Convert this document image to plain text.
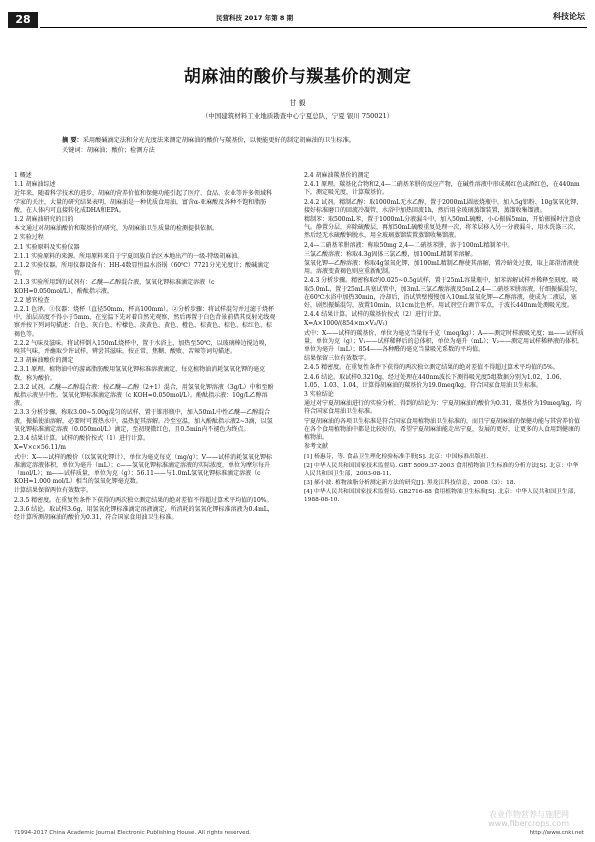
28	民营科技 2017 年第 8 期	科技论坛
胡麻油的酸价与羰基价的测定
甘 毅
（中国建筑材料工业地质勘查中心宁夏总队，宁夏 银川 750021）
摘 要：采用酸碱滴定法和分光光度法来测定胡麻油的酸价与羰基价，以便能更好的制定胡麻油的卫生标准。
关键词：胡麻油；酸价；检测方法

1 概述

1.1 胡麻油综述

近年来，随着科学技术的进步，胡麻的营养价值和保健功能引起了医疗、食品、农业等许多领域科学家的关注，大量的研究结果表明，胡麻油是一种优质食用油，富含α-亚麻酸及各种不饱和脂肪酸，在人体内可直接转化成DHA和EPA。

1.2 胡麻油研究的目的

本文通过对胡麻油酸价和羰基价的研究，为胡麻油卫生质量的检测提供依据。

2 实验过程

2.1 实验原料及实验仪器

2.1.1 实验原料的来源。所用原料来自于宁夏回族自治区本地出产的一级-特级胡麻油。

2.1.2 实验仪器。所用仪器设备有：HH-4数显恒温水浴锅（60℃）7721分光光度计；酸碱滴定管。

2.1.3 实验所用到的试剂有：乙醚—乙醇混合液，氢氧化钾标准滴定溶液（c KOH=0.050mol/L），酚酞指示液。

2.2 感官检查

2.2.1 色泽。①仪器：烧杯（直径50mm，杯高100mm）。②分析步骤：将试样混匀并过滤于烧杯中，油层高度不得小于5mm，在室温下先对着自然光观察，然后再置于白色背景前借其反射光线观察并按下列词句描述：白色、灰白色、柠檬色、淡黄色、黄色、橙色、棕黄色、棕色、棕红色、棕褐色等。

2.2.2 气味及滋味。将试样倒入150mL烧杯中，置于水浴上，加热至50℃，以玻璃棒边搅边嗅，嗅其气味，并蘸取少许试样，辨尝其滋味，按正常、焦糊、酸败、苦辣等词句描述。

2.3 胡麻油酸价的测定

2.3.1 原理。植物油中的游离脂肪酸用氢氧化钾标准溶液滴定，每克植物油消耗氢氧化钾的毫克数，称为酸价。

2.3.2 试剂。乙醚—乙醇混合液：按乙醚—乙醇（2+1）混合，用氢氧化钾溶液（3g/L）中和至酚酞指示液呈中性。氢氧化钾标准滴定溶液（c KOH=0.050mol/L）。酚酞指示液：10g/L乙醇溶液。

2.3.3 分析步骤。称取3.00~5.00g混匀的试样，置于锥形瓶中，加入50mL中性乙醚—乙醇混合液，振摇使油溶解，必要时可置热水中，温热促其溶解。冷至室温，加入酚酞指示液2~3滴，以氢氧化钾标准滴定溶液（0.050mol/L）滴定，至初现微红色，且0.5min内不褪色为终点。

2.3.4 结果计算。试样的酸价按式（1）进行计算。

X=V×c×56.11/m

式中：X——试样的酸价（以氢氧化钾计），单位为毫克每克（mg/g）；V——试样消耗氢氧化钾标准滴定溶液体积，单位为毫升（mL）；c——氢氧化钾标准滴定溶液的实际浓度，单位为摩尔每升（mol/L）；m——试样质量，单位为克（g）；56.11——与1.0mL氢氧化钾标准滴定溶液（c KOH=1.000 mol/L）相当的氢氧化钾毫克数。

计算结果保留两位有效数字。

2.3.5 精密度。在重复性条件下获得的两次独立测定结果的绝对差值不得超过算术平均值的10%。

2.3.6 结论。取试样3.6g，用氢氧化钾标准滴定溶液滴定，所消耗的氢氧化钾标准溶液为0.4mL，经计算所测胡麻油的酸价为0.31，符合国家食用油卫生标准。

2.4 胡麻油羰基价的测定

2.4.1 原理。羰基化合物和2,4—二硝基苯肼的反应产物，在碱性溶液中形成褐红色或酒红色，在440nm下，测定吸光度，计算羰基价。

2.4.2 试剂。精制乙醇：取1000mL无水乙醇，置于2000mL圆底烧瓶中，加入5g铝粉、10g氢氧化钾，接好标准磨口的回流冷凝管，水浴中加热回流1h，然后用全玻璃蒸馏装置，蒸馏收集馏液。

精制苯：取500mL苯，置于1000mL分液漏斗中，加入50mL硫酸，小心振摇5min，开始振摇时注意放气。静置分层，弃除硫酸层，再加50mL硫酸重复处理一次，将苯层移入另一分液漏斗，用水洗涤三次，然后经无水硫酸钠脱水，用全玻璃蒸馏装置蒸馏收集馏液。

2,4—二硝基苯肼溶液：称取50mg 2,4—二硝基苯肼，溶于100mL精制苯中。

三氯乙酸溶液：称取4.3g固体三氯乙酸，加100mL精制苯溶解。

氢氧化钾—乙醇溶液：称取4g氢氧化钾，加100mL精制乙醇使其溶解，置冷暗处过夜，取上部澄清液使用。溶液变黄褐色则应重新配制。

2.4.3 分析步骤。精密称取约0.025~0.5g试样，置于25mL容量瓶中，加苯溶解试样并稀释至刻度。吸取5.0mL，置于25mL具塞试管中，加3mL三氯乙酸溶液及5mL2,4—二硝基苯肼溶液，仔细振摇混匀，在60℃水浴中加热30min，冷却后，沿试管壁慢慢加入10mL氢氧化钾—乙醇溶液，使成为二液层，塞好，剧烈振摇混匀，放置10min，以1cm比色杯，用试剂空白调节零点，于波长440nm处测吸光度。

2.4.4 结果计算。试样的羰基价按式（2）进行计算。

X=A×1000/(854×m×V₂/V₁)

式中：X——试样的羰基价，单位为毫克当量每千克（meq/kg）；A——测定时样液吸光度；m——试样质量，单位为克（g）；V₁——试样稀释后的总体积，单位为毫升（mL）；V₂——测定用试样稀释液的体积，单位为毫升（mL）；854——各种醛的毫克当量吸光系数的平均值。

结果保留三位有效数字。

2.4.5 精密度。在重复性条件下获得的两次独立测定结果的绝对差值不得超过算术平均值的5%。

2.4.6 结论。取试样0.3210g，经过处理在440nm波长下测得吸光度5组数据分别为1.02、1.06、1.05、1.03、1.04，计算得胡麻油的羰基价为19.0meq/kg，符合国家食用油卫生标准。

3 实验结论

通过对宁夏胡麻油进行的实验分析，得到的结论为：宁夏胡麻油的酸价为0.31，羰基价为19meq/kg，均符合国家食用油卫生标准。

宁夏胡麻油的各项卫生标准是符合国家食用植物油卫生标准的，而且宁夏胡麻油的保健功能与其营养价值在各个食用植物油中都是比较好的，希望宁夏胡麻油能走出宁夏，发展的更好，让更多的人食用到健康的植物油。

参考文献

[1] 杨惠芬，等. 食品卫生理化检验标准手册[S]. 北京：中国标准出版社.

[2] 中华人民共和国国家技术监督局. GBT 5009.37-2003 食用植物油卫生标准的分析方法[S]. 北京：中华人民共和国卫生部，2003-08-11.

[3] 郝小波. 植物油脂分析测定新方法的研究[J]. 黑龙江科技信息，2008（3）：18.

[4] 中华人民共和国国家技术监督局. GB2716-88 食用植物油卫生标准[S]. 北京：中华人民共和国卫生部，1988-08-10.

农业作物营养与施肥网
www.fibercrops.com
?1994-2017 China Academic Journal Electronic Publishing House. All rights reserved.	http://www.cnki.net
